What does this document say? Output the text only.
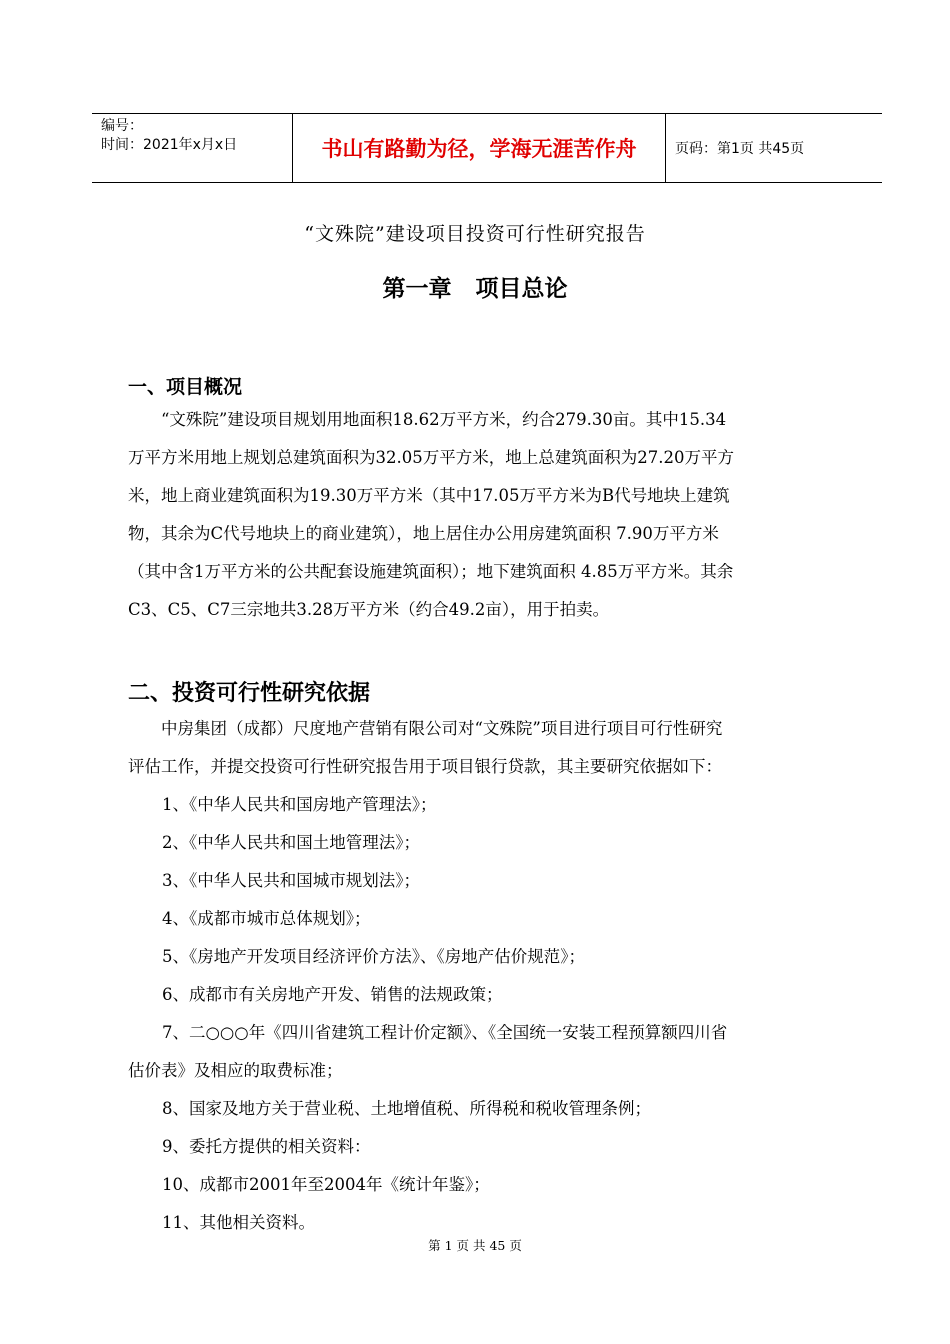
编号：
时间：2021年x月x日	书山有路勤为径，学海无涯苦作舟	页码：第1页 共45页
“文殊院”建设项目投资可行性研究报告
第一章 项目总论
一、项目概况
　　“文殊院”建设项目规划用地面积18.62万平方米，约合279.30亩。其中15.34
万平方米用地上规划总建筑面积为32.05万平方米，地上总建筑面积为27.20万平方
米，地上商业建筑面积为19.30万平方米（其中17.05万平方米为B代号地块上建筑
物，其余为C代号地块上的商业建筑），地上居住办公用房建筑面积 7.90万平方米
（其中含1万平方米的公共配套设施建筑面积）；地下建筑面积 4.85万平方米。其余
C3、C5、C7三宗地共3.28万平方米（约合49.2亩），用于拍卖。
二、投资可行性研究依据
　　中房集团（成都）尺度地产营销有限公司对“文殊院”项目进行项目可行性研究
评估工作，并提交投资可行性研究报告用于项目银行贷款，其主要研究依据如下：
1、《中华人民共和国房地产管理法》；
2、《中华人民共和国土地管理法》；
3、《中华人民共和国城市规划法》；
4、《成都市城市总体规划》；
5、《房地产开发项目经济评价方法》、《房地产估价规范》；
6、成都市有关房地产开发、销售的法规政策；
7、二○○○年《四川省建筑工程计价定额》、《全国统一安装工程预算额四川省
估价表》及相应的取费标准；
8、国家及地方关于营业税、土地增值税、所得税和税收管理条例；
9、委托方提供的相关资料：
10、成都市2001年至2004年《统计年鉴》；
11、其他相关资料。
第 1 页 共 45 页
